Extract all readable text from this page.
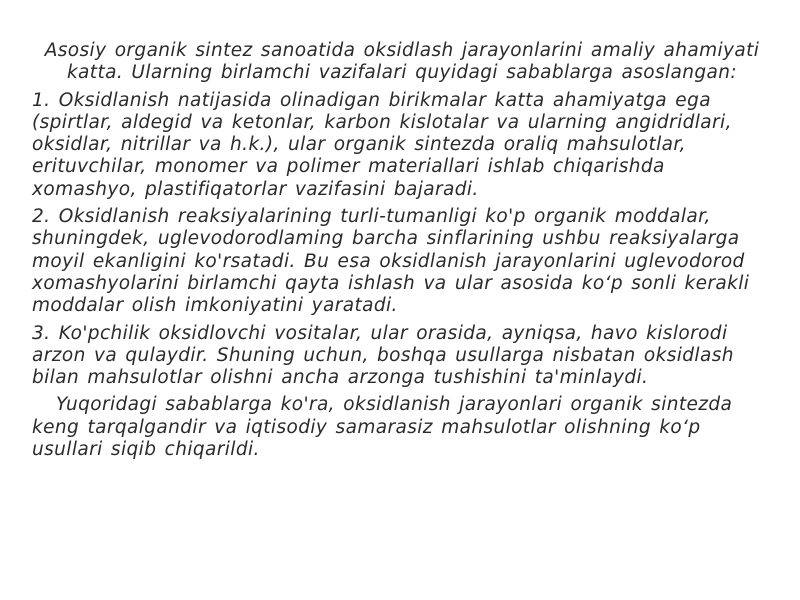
Asosiy organik sintez sanoatida oksidlash jarayonlarini amaliy ahamiyati katta. Ularning birlamchi vazifalari quyidagi sabablarga asoslangan:

1. Oksidlanish natijasida olinadigan birikmalar katta ahamiyatga ega (spirtlar, aldegid va ketonlar, karbon kislotalar va ularning angidridlari, oksidlar, nitrillar va h.k.), ular organik sintezda oraliq mahsulotlar, erituvchilar, monomer va polimer materiallari ishlab chiqarishda xomashyo, plastifiqatorlar vazifasini bajaradi.

2. Oksidlanish reaksiyalarining turli-tumanligi ko'p organik moddalar, shuningdek, uglevodorodlaming barcha sinflarining ushbu reaksiyalarga moyil ekanligini ko'rsatadi. Bu esa oksidlanish jarayonlarini uglevodorod xomashyolarini birlamchi qayta ishlash va ular asosida ko‘p sonli kerakli moddalar olish imkoniyatini yaratadi.

3. Ko'pchilik oksidlovchi vositalar, ular orasida, ayniqsa, havo kislorodi arzon va qulaydir. Shuning uchun, boshqa usullarga nisbatan oksidlash bilan mahsulotlar olishni ancha arzonga tushishini ta'minlaydi.

Yuqoridagi sabablarga ko'ra, oksidlanish jarayonlari organik sintezda keng tarqalgandir va iqtisodiy samarasiz mahsulotlar olishning ko‘p usullari siqib chiqarildi.
